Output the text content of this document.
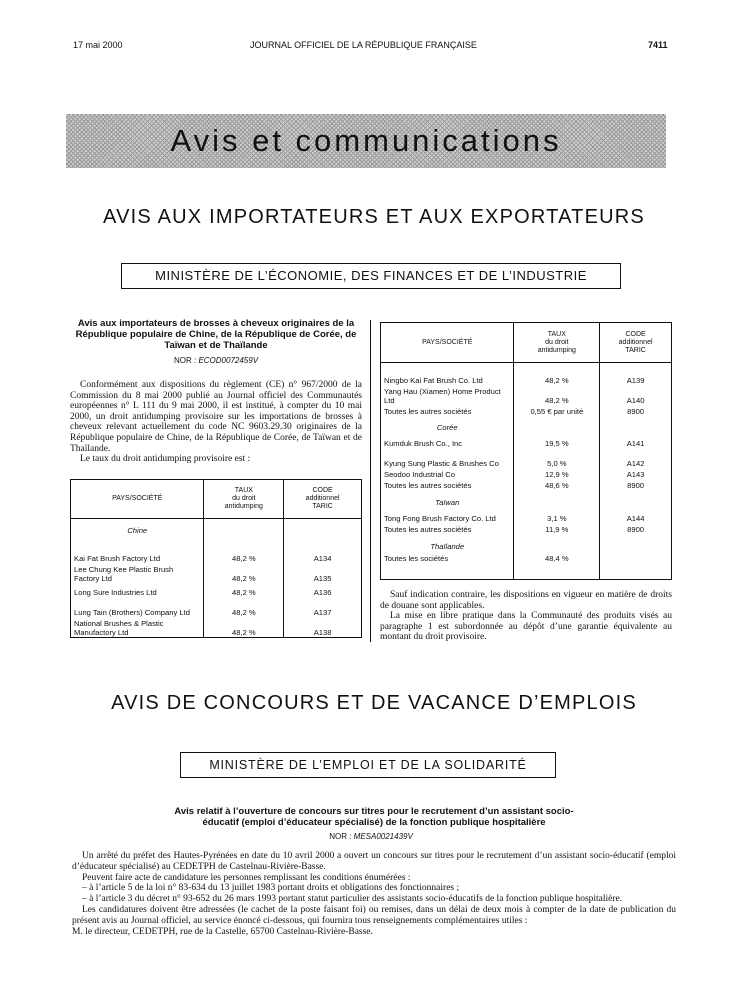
17 mai 2000	JOURNAL OFFICIEL DE LA RÉPUBLIQUE FRANÇAISE	7411
Avis et communications
AVIS AUX IMPORTATEURS ET AUX EXPORTATEURS
MINISTÈRE DE L’ÉCONOMIE, DES FINANCES ET DE L’INDUSTRIE
Avis aux importateurs de brosses à cheveux originaires de la République populaire de Chine, de la République de Corée, de Taïwan et de Thaïlande
NOR : ECOD0072459V

Conformément aux dispositions du règlement (CE) n° 967/2000 de la Commission du 8 mai 2000 publié au Journal officiel des Communautés européennes n° L 111 du 9 mai 2000, il est institué, à compter du 10 mai 2000, un droit antidumping provisoire sur les importations de brosses à cheveux relevant actuellement du code NC 9603.29.30 originaires de la République populaire de Chine, de la République de Corée, de Taïwan et de Thaïlande.

Le taux du droit antidumping provisoire est :

PAYS/SOCIÉTÉ	TAUX
du droit
antidumping	CODE
additionnel
TARIC
Chine		
Kai Fat Brush Factory Ltd	48,2 %	A134
Lee Chung Kee Plastic Brush Factory Ltd	48,2 %	A135
Long Sure Industries Ltd	48,2 %	A136
Lung Tain (Brothers) Company Ltd	48,2 %	A137
National Brushes & Plastic Manufactory Ltd	48,2 %	A138
PAYS/SOCIÉTÉ	TAUX
du droit
antidumping	CODE
additionnel
TARIC
Ningbo Kai Fat Brush Co. Ltd	48,2 %	A139
Yang Hau (Xiamen) Home Product Ltd	48,2 %	A140
Toutes les autres sociétés	0,55 € par unité	8900
Corée		
Kumduk Brush Co., Inc	19,5 %	A141
Kyung Sung Plastic & Brushes Co	5,0 %	A142
Seodoo Industrial Co	12,9 %	A143
Toutes les autres sociétés	48,6 %	8900
Taïwan		
Tong Fong Brush Factory Co. Ltd	3,1 %	A144
Toutes les autres sociétés	11,9 %	8900
Thaïlande		
Toutes les sociétés	48,4 %	

Sauf indication contraire, les dispositions en vigueur en matière de droits de douane sont applicables.

La mise en libre pratique dans la Communauté des produits visés au paragraphe 1 est subordonnée au dépôt d’une garantie équivalente au montant du droit provisoire.

AVIS DE CONCOURS ET DE VACANCE D’EMPLOIS
MINISTÈRE DE L’EMPLOI ET DE LA SOLIDARITÉ
Avis relatif à l’ouverture de concours sur titres pour le recrutement d’un assistant socio-éducatif (emploi d’éducateur spécialisé) de la fonction publique hospitalière
NOR : MESA0021439V

Un arrêté du préfet des Hautes-Pyrénées en date du 10 avril 2000 a ouvert un concours sur titres pour le recrutement d’un assistant socio-éducatif (emploi d’éducateur spécialisé) au CEDETPH de Castelnau-Rivière-Basse.

Peuvent faire acte de candidature les personnes remplissant les conditions énumérées :

– à l’article 5 de la loi n° 83-634 du 13 juillet 1983 portant droits et obligations des fonctionnaires ;

– à l’article 3 du décret n° 93-652 du 26 mars 1993 portant statut particulier des assistants socio-éducatifs de la fonction publique hospitalière.

Les candidatures doivent être adressées (le cachet de la poste faisant foi) ou remises, dans un délai de deux mois à compter de la date de publication du présent avis au Journal officiel, au service énoncé ci-dessous, qui fournira tous renseignements complémentaires utiles :

M. le directeur, CEDETPH, rue de la Castelle, 65700 Castelnau-Rivière-Basse.
